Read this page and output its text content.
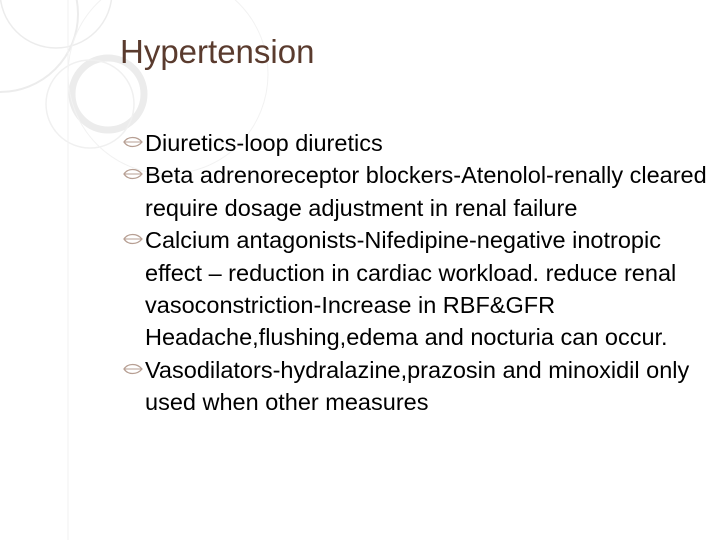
Hypertension
Diuretics-loop diuretics
Beta adrenoreceptor blockers-Atenolol-renally cleared require dosage adjustment in renal failure
Calcium antagonists-Nifedipine-negative inotropic effect – reduction in cardiac workload. reduce renal vasoconstriction-Increase in RBF&GFR Headache,flushing,edema and nocturia can occur.
Vasodilators-hydralazine,prazosin and minoxidil only used when other measures
